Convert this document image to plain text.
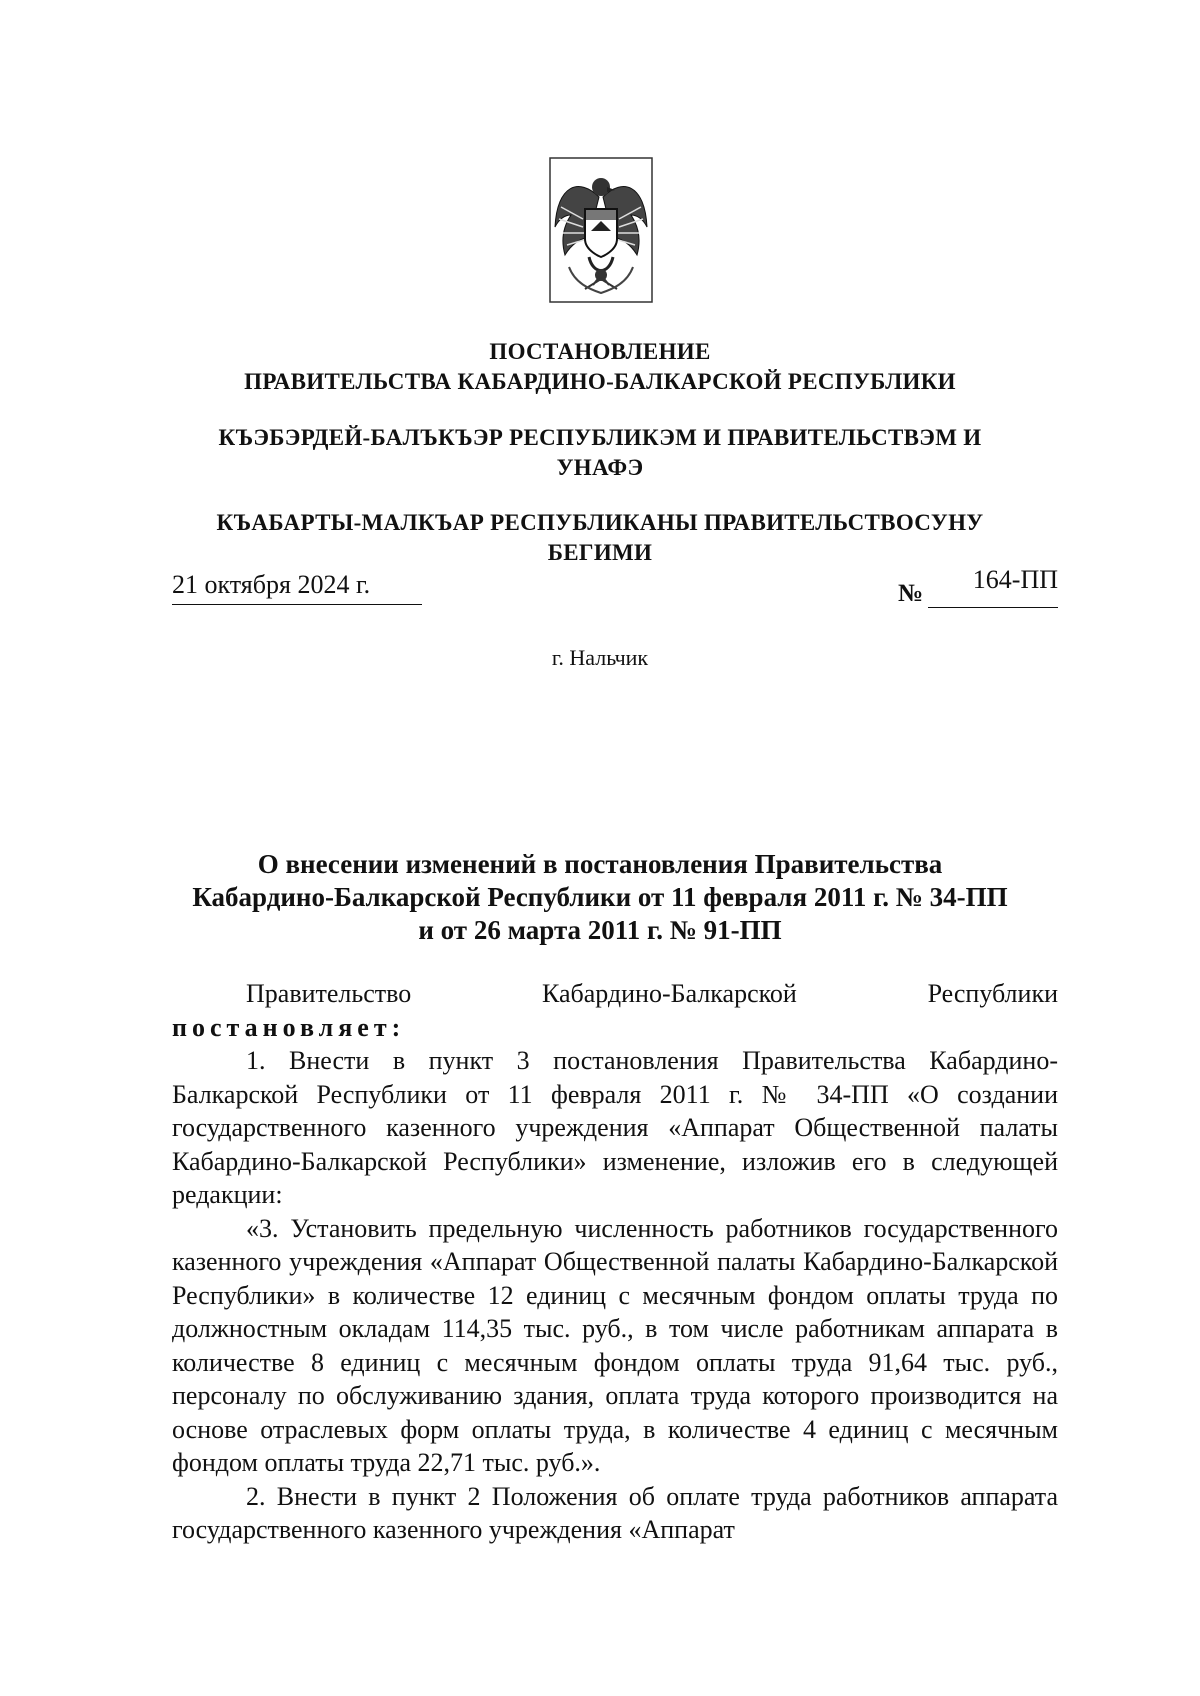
ПОСТАНОВЛЕНИЕ
ПРАВИТЕЛЬСТВА КАБАРДИНО-БАЛКАРСКОЙ РЕСПУБЛИКИ
КЪЭБЭРДЕЙ-БАЛЪКЪЭР РЕСПУБЛИКЭМ И ПРАВИТЕЛЬСТВЭМ И
УНАФЭ
КЪАБАРТЫ-МАЛКЪАР РЕСПУБЛИКАНЫ ПРАВИТЕЛЬСТВОСУНУ
БЕГИМИ
21 октября 2024 г.	№	164-ПП
г. Нальчик
О внесении изменений в постановления Правительства
Кабардино-Балкарской Республики от 11 февраля 2011 г. № 34-ПП
и от 26 марта 2011 г. № 91-ПП
Правительство	Кабардино-Балкарской	Республики

постановляет:

1. Внести в пункт 3 постановления Правительства Кабардино-Балкарской Республики от 11 февраля 2011 г. № 34-ПП «О создании государственного казенного учреждения «Аппарат Общественной палаты Кабардино-Балкарской Республики» изменение, изложив его в следующей редакции:

«3. Установить предельную численность работников государственного казенного учреждения «Аппарат Общественной палаты Кабардино-Балкарской Республики» в количестве 12 единиц с месячным фондом оплаты труда по должностным окладам 114,35 тыс. руб., в том числе работникам аппарата в количестве 8 единиц с месячным фондом оплаты труда 91,64 тыс. руб., персоналу по обслуживанию здания, оплата труда которого производится на основе отраслевых форм оплаты труда, в количестве 4 единиц с месячным фондом оплаты труда 22,71 тыс. руб.».

2. Внести в пункт 2 Положения об оплате труда работников аппарата государственного казенного учреждения «Аппарат
